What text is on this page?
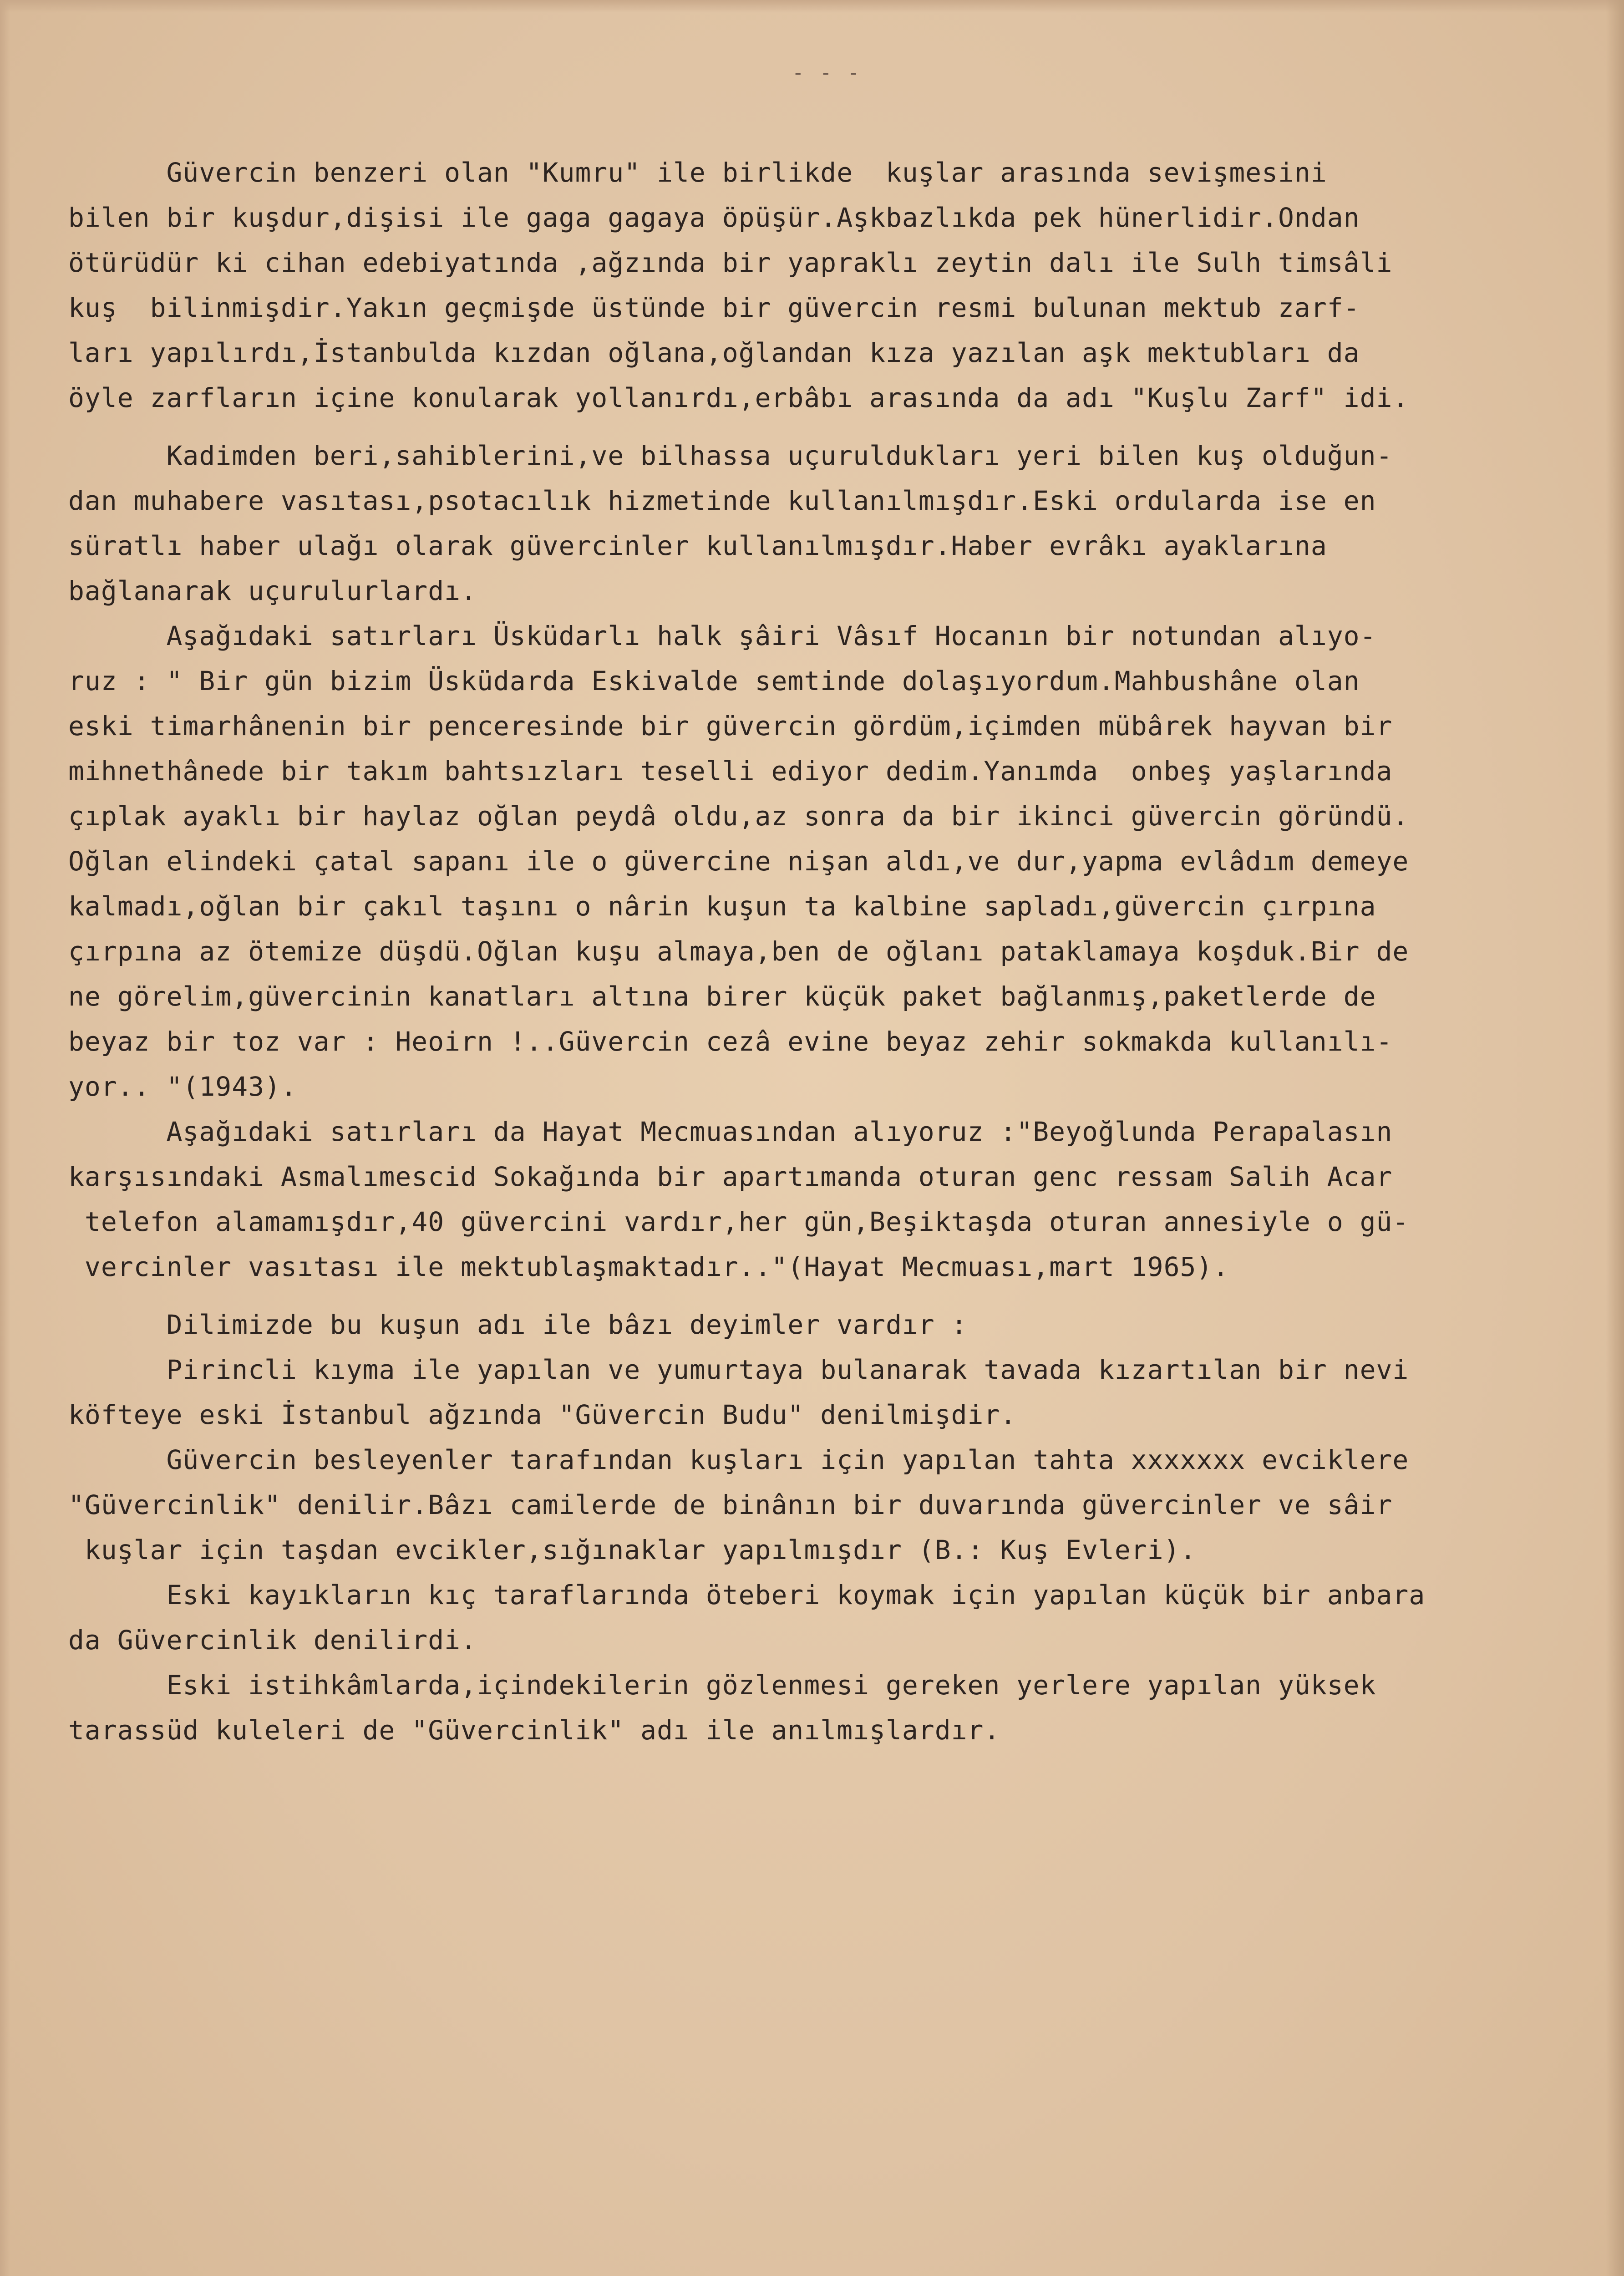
- - -
Güvercin benzeri olan "Kumru" ile birlikde  kuşlar arasında sevişmesini
bilen bir kuşdur,dişisi ile gaga gagaya öpüşür.Aşkbazlıkda pek hünerlidir.Ondan
ötürüdür ki cihan edebiyatında ,ağzında bir yapraklı zeytin dalı ile Sulh timsâli
kuş  bilinmişdir.Yakın geçmişde üstünde bir güvercin resmi bulunan mektub zarf-
ları yapılırdı,İstanbulda kızdan oğlana,oğlandan kıza yazılan aşk mektubları da
öyle zarfların içine konularak yollanırdı,erbâbı arasında da adı "Kuşlu Zarf" idi.
Kadimden beri,sahiblerini,ve bilhassa uçuruldukları yeri bilen kuş olduğun-
dan muhabere vasıtası,psotacılık hizmetinde kullanılmışdır.Eski ordularda ise en
süratlı haber ulağı olarak güvercinler kullanılmışdır.Haber evrâkı ayaklarına
bağlanarak uçurulurlardı.
Aşağıdaki satırları Üsküdarlı halk şâiri Vâsıf Hocanın bir notundan alıyo-
ruz : " Bir gün bizim Üsküdarda Eskivalde semtinde dolaşıyordum.Mahbushâne olan
eski timarhânenin bir penceresinde bir güvercin gördüm,içimden mübârek hayvan bir
mihnethânede bir takım bahtsızları teselli ediyor dedim.Yanımda  onbeş yaşlarında
çıplak ayaklı bir haylaz oğlan peydâ oldu,az sonra da bir ikinci güvercin göründü.
Oğlan elindeki çatal sapanı ile o güvercine nişan aldı,ve dur,yapma evlâdım demeye
kalmadı,oğlan bir çakıl taşını o nârin kuşun ta kalbine sapladı,güvercin çırpına
çırpına az ötemize düşdü.Oğlan kuşu almaya,ben de oğlanı pataklamaya koşduk.Bir de
ne görelim,güvercinin kanatları altına birer küçük paket bağlanmış,paketlerde de
beyaz bir toz var : Heoirn !..Güvercin cezâ evine beyaz zehir sokmakda kullanılı-
yor.. "(1943).
Aşağıdaki satırları da Hayat Mecmuasından alıyoruz :"Beyoğlunda Perapalasın
karşısındaki Asmalımescid Sokağında bir apartımanda oturan genc ressam Salih Acar
telefon alamamışdır,40 güvercini vardır,her gün,Beşiktaşda oturan annesiyle o gü-
vercinler vasıtası ile mektublaşmaktadır.."(Hayat Mecmuası,mart 1965).
Dilimizde bu kuşun adı ile bâzı deyimler vardır :
Pirincli kıyma ile yapılan ve yumurtaya bulanarak tavada kızartılan bir nevi
köfteye eski İstanbul ağzında "Güvercin Budu" denilmişdir.
Güvercin besleyenler tarafından kuşları için yapılan tahta xxxxxxx evciklere
"Güvercinlik" denilir.Bâzı camilerde de binânın bir duvarında güvercinler ve sâir
kuşlar için taşdan evcikler,sığınaklar yapılmışdır (B.: Kuş Evleri).
Eski kayıkların kıç taraflarında öteberi koymak için yapılan küçük bir anbara
da Güvercinlik denilirdi.
Eski istihkâmlarda,içindekilerin gözlenmesi gereken yerlere yapılan yüksek
tarassüd kuleleri de "Güvercinlik" adı ile anılmışlardır.
